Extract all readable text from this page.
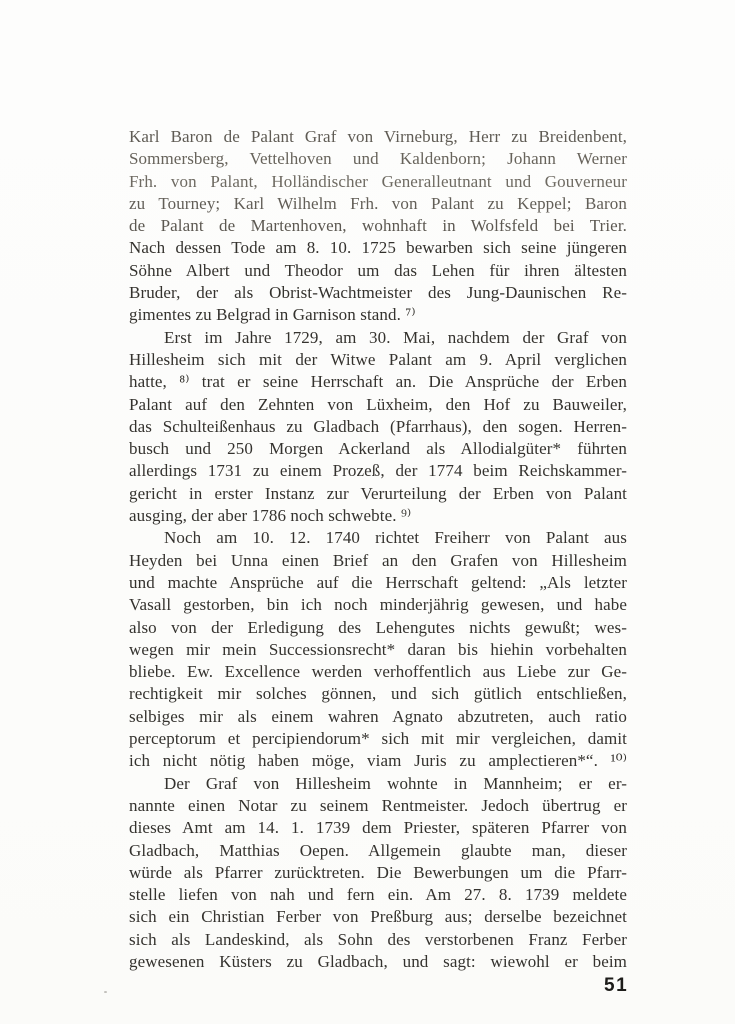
Karl Baron de Palant Graf von Virneburg, Herr zu Breidenbent,
Sommersberg, Vettelhoven und Kaldenborn; Johann Werner
Frh. von Palant, Holländischer Generalleutnant und Gouverneur
zu Tourney; Karl Wilhelm Frh. von Palant zu Keppel; Baron
de Palant de Martenhoven, wohnhaft in Wolfsfeld bei Trier.
Nach dessen Tode am 8. 10. 1725 bewarben sich seine jüngeren
Söhne Albert und Theodor um das Lehen für ihren ältesten
Bruder, der als Obrist-Wachtmeister des Jung-Daunischen Re-
gimentes zu Belgrad in Garnison stand. ⁷⁾
Erst im Jahre 1729, am 30. Mai, nachdem der Graf von
Hillesheim sich mit der Witwe Palant am 9. April verglichen
hatte, ⁸⁾ trat er seine Herrschaft an. Die Ansprüche der Erben
Palant auf den Zehnten von Lüxheim, den Hof zu Bauweiler,
das Schulteißenhaus zu Gladbach (Pfarrhaus), den sogen. Herren-
busch und 250 Morgen Ackerland als Allodialgüter* führten
allerdings 1731 zu einem Prozeß, der 1774 beim Reichskammer-
gericht in erster Instanz zur Verurteilung der Erben von Palant
ausging, der aber 1786 noch schwebte. ⁹⁾
Noch am 10. 12. 1740 richtet Freiherr von Palant aus
Heyden bei Unna einen Brief an den Grafen von Hillesheim
und machte Ansprüche auf die Herrschaft geltend: „Als letzter
Vasall gestorben, bin ich noch minderjährig gewesen, und habe
also von der Erledigung des Lehengutes nichts gewußt; wes-
wegen mir mein Successionsrecht* daran bis hiehin vorbehalten
bliebe. Ew. Excellence werden verhoffentlich aus Liebe zur Ge-
rechtigkeit mir solches gönnen, und sich gütlich entschließen,
selbiges mir als einem wahren Agnato abzutreten, auch ratio
perceptorum et percipiendorum* sich mit mir vergleichen, damit
ich nicht nötig haben möge, viam Juris zu amplectieren*“. ¹⁰⁾
Der Graf von Hillesheim wohnte in Mannheim; er er-
nannte einen Notar zu seinem Rentmeister. Jedoch übertrug er
dieses Amt am 14. 1. 1739 dem Priester, späteren Pfarrer von
Gladbach, Matthias Oepen. Allgemein glaubte man, dieser
würde als Pfarrer zurücktreten. Die Bewerbungen um die Pfarr-
stelle liefen von nah und fern ein. Am 27. 8. 1739 meldete
sich ein Christian Ferber von Preßburg aus; derselbe bezeichnet
sich als Landeskind, als Sohn des verstorbenen Franz Ferber
gewesenen Küsters zu Gladbach, und sagt: wiewohl er beim
51
